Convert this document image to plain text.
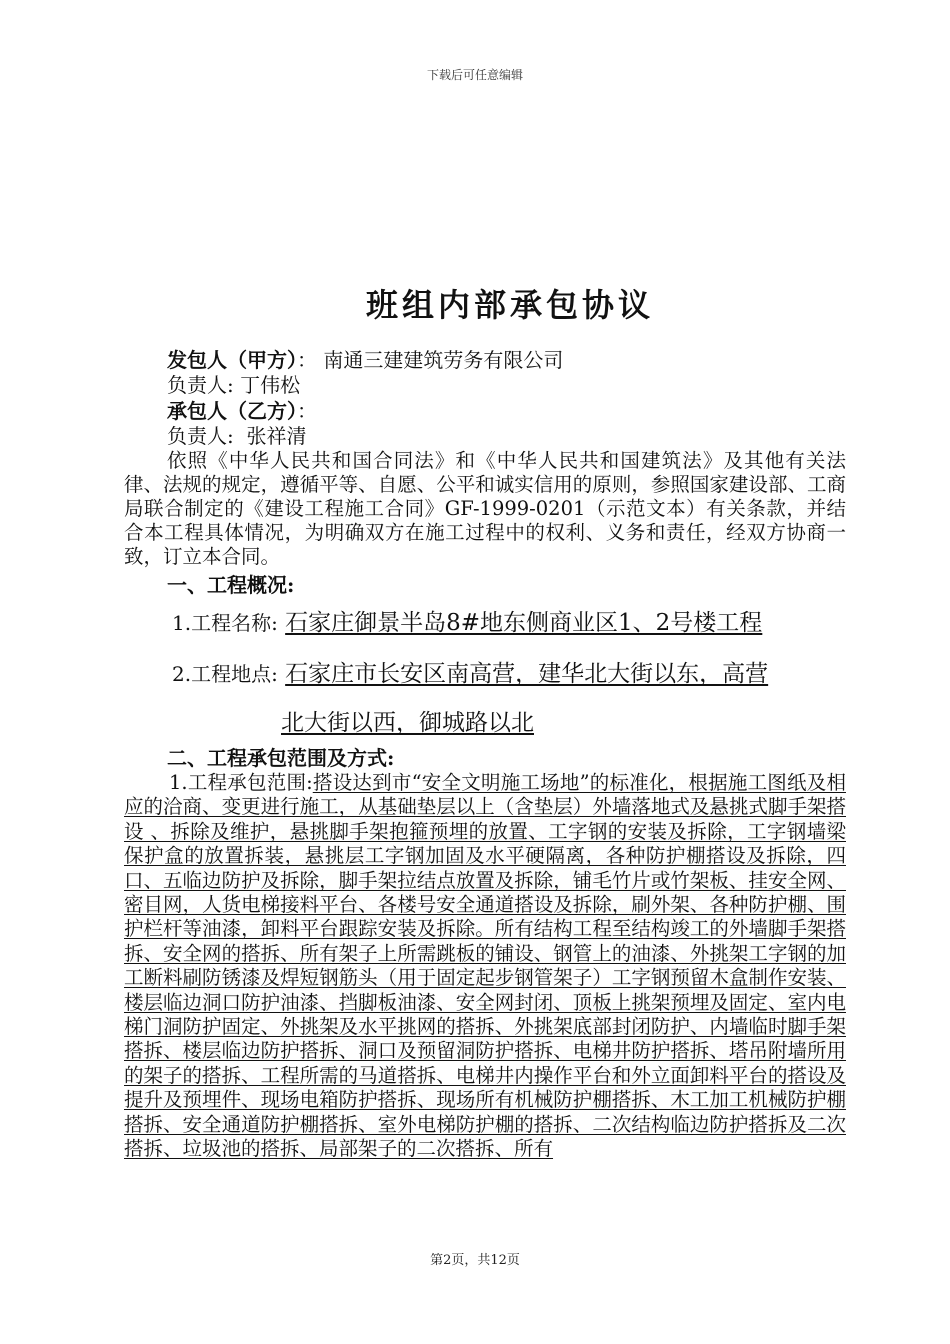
下载后可任意编辑
班组内部承包协议
发包人（甲方）： 南通三建建筑劳务有限公司
负责人: 丁伟松
承包人（乙方）：
负责人: 张祥清
依照《中华人民共和国合同法》和《中华人民共和国建筑法》及其他有关法律、法规的规定，遵循平等、自愿、公平和诚实信用的原则，参照国家建设部、工商局联合制定的《建设工程施工合同》GF-1999-0201（示范文本）有关条款，并结合本工程具体情况，为明确双方在施工过程中的权利、义务和责任，经双方协商一致，订立本合同。
一、工程概况:
1.工程名称: 石家庄御景半岛8#地东侧商业区1、2号楼工程
2.工程地点: 石家庄市长安区南高营，建华北大街以东，高营
北大街以西，御城路以北
二、工程承包范围及方式:
1.工程承包范围:搭设达到市“安全文明施工场地”的标准化，根据施工图纸及相应的洽商、变更进行施工，从基础垫层以上（含垫层）外墙落地式及悬挑式脚手架搭设 、拆除及维护，悬挑脚手架抱箍预埋的放置、工字钢的安装及拆除，工字钢墙梁保护盒的放置拆装，悬挑层工字钢加固及水平硬隔离，各种防护棚搭设及拆除，四口、五临边防护及拆除，脚手架拉结点放置及拆除，铺毛竹片或竹架板、挂安全网、密目网，人货电梯接料平台、各楼号安全通道搭设及拆除，刷外架、各种防护棚、围护栏杆等油漆，卸料平台跟踪安装及拆除。所有结构工程至结构竣工的外墙脚手架搭拆、安全网的搭拆、所有架子上所需跳板的铺设、钢管上的油漆、外挑架工字钢的加工断料刷防锈漆及焊短钢筋头（用于固定起步钢管架子）工字钢预留木盒制作安装、楼层临边洞口防护油漆、挡脚板油漆、安全网封闭、顶板上挑架预埋及固定、室内电梯门洞防护固定、外挑架及水平挑网的搭拆、外挑架底部封闭防护、内墙临时脚手架搭拆、楼层临边防护搭拆、洞口及预留洞防护搭拆、电梯井防护搭拆、塔吊附墙所用的架子的搭拆、工程所需的马道搭拆、电梯井内操作平台和外立面卸料平台的搭设及提升及预埋件、现场电箱防护搭拆、现场所有机械防护棚搭拆、木工加工机械防护棚搭拆、安全通道防护棚搭拆、室外电梯防护棚的搭拆、二次结构临边防护搭拆及二次搭拆、垃圾池的搭拆、局部架子的二次搭拆、所有
第2页，共12页
